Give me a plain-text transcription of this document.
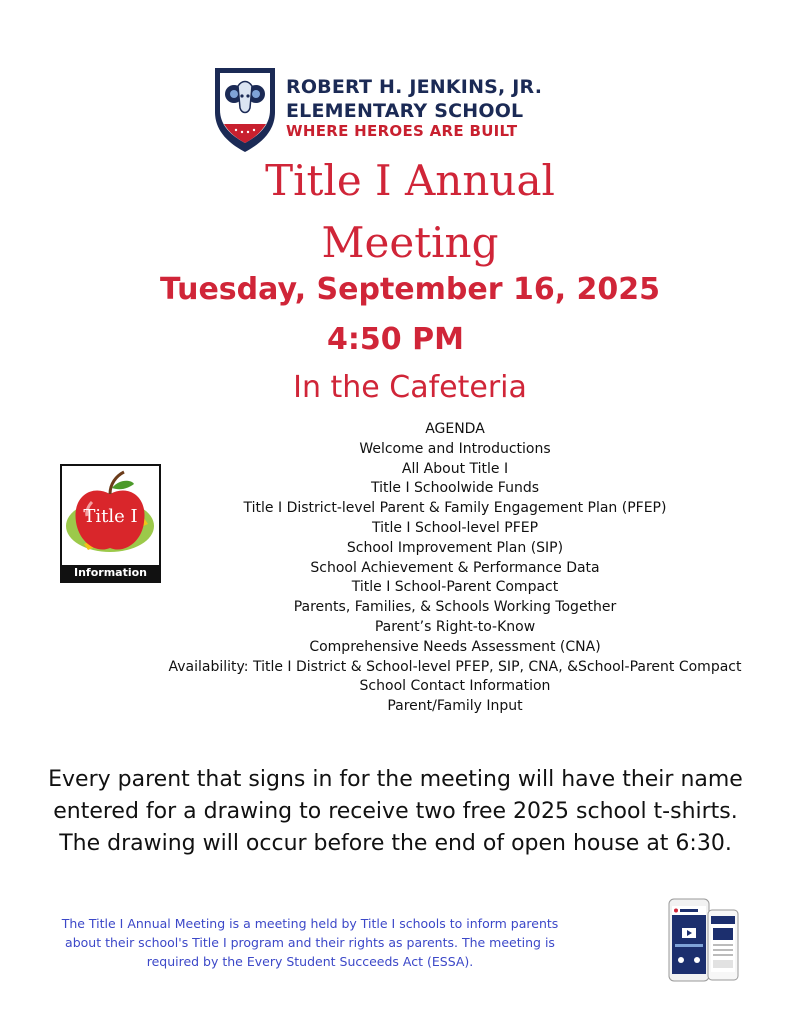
ROBERT H. JENKINS, JR.
ELEMENTARY SCHOOL
WHERE HEROES ARE BUILT
Title I Annual
Meeting
Tuesday, September 16, 2025
4:50 PM
In the Cafeteria
AGENDA
Welcome and Introductions
All About Title I
Title I Schoolwide Funds
Title I District-level Parent & Family Engagement Plan (PFEP)
Title I School-level PFEP
School Improvement Plan (SIP)
School Achievement & Performance Data
Title I School-Parent Compact
Parents, Families, & Schools Working Together
Parent’s Right-to-Know
Comprehensive Needs Assessment (CNA)
Availability: Title I District & School-level PFEP, SIP, CNA, &School-Parent Compact
School Contact Information
Parent/Family Input
Title I
Information
Every parent that signs in for the meeting will have their name
entered for a drawing to receive two free 2025 school t-shirts.
The drawing will occur before the end of open house at 6:30.
The Title I Annual Meeting is a meeting held by Title I schools to inform parents
about their school's Title I program and their rights as parents. The meeting is
required by the Every Student Succeeds Act (ESSA).
